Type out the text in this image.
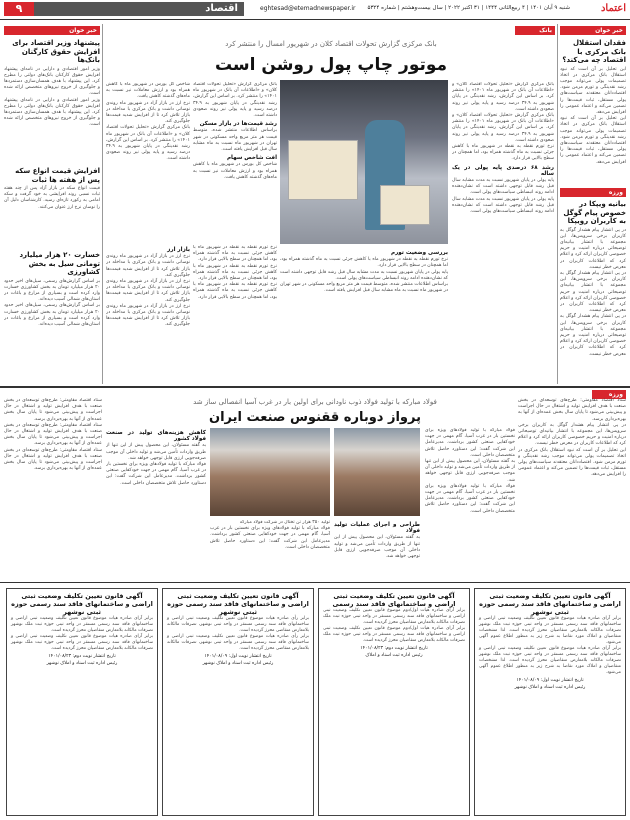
۹	اقتصاد	eghtesad@etemadnewspaper.ir	شنبه ۹ آبان ۱۴۰۱ | ۴ ربیع‌الثانی ۱۴۴۴ | ۳۱ اکتبر ۲۰۲۲ | سال بیست‌وهشتم | شماره ۵۳۲۴	اعتماد
خبر خوان
فقدان استقلال بانک مرکزی با اقتصاد چه می‌کند؟

این تحلیل بر آن است که نبود استقلال بانک مرکزی در اتخاذ تصمیمات پولی می‌تواند موجب رشد نقدینگی و تورم مزمن شود. اقتصاددانان معتقدند سیاست‌های پولی مستقل، ثبات قیمت‌ها را تضمین می‌کند و اعتماد عمومی را افزایش می‌دهد.

این تحلیل بر آن است که نبود استقلال بانک مرکزی در اتخاذ تصمیمات پولی می‌تواند موجب رشد نقدینگی و تورم مزمن شود. اقتصاددانان معتقدند سیاست‌های پولی مستقل، ثبات قیمت‌ها را تضمین می‌کند و اعتماد عمومی را افزایش می‌دهد.

ورزه
بیانیه ویپکا در خصوص پیام گوگل به کاربران رویپکا

در پی انتشار پیام هشدار گوگل به کاربران برخی سرویس‌ها، این مجموعه با انتشار بیانیه‌ای توضیحاتی درباره امنیت و حریم خصوصی کاربران ارائه کرد و اعلام کرد که اطلاعات کاربران در معرض خطر نیست.

در پی انتشار پیام هشدار گوگل به کاربران برخی سرویس‌ها، این مجموعه با انتشار بیانیه‌ای توضیحاتی درباره امنیت و حریم خصوصی کاربران ارائه کرد و اعلام کرد که اطلاعات کاربران در معرض خطر نیست.

در پی انتشار پیام هشدار گوگل به کاربران برخی سرویس‌ها، این مجموعه با انتشار بیانیه‌ای توضیحاتی درباره امنیت و حریم خصوصی کاربران ارائه کرد و اعلام کرد که اطلاعات کاربران در معرض خطر نیست.

خبر خوان
پیشنهاد وزیر اقتصاد برای افزایش حقوق کارگنان بانک‌ها

وزیر امور اقتصادی و دارایی در نامه‌ای پیشنهاد افزایش حقوق کارکنان بانک‌های دولتی را مطرح کرد. این پیشنهاد با هدف همسان‌سازی دستمزدها و جلوگیری از خروج نیروهای متخصص ارائه شده است.

وزیر امور اقتصادی و دارایی در نامه‌ای پیشنهاد افزایش حقوق کارکنان بانک‌های دولتی را مطرح کرد. این پیشنهاد با هدف همسان‌سازی دستمزدها و جلوگیری از خروج نیروهای متخصص ارائه شده است.

افزایش قیمت انواع سکه پس از هفته ها ثبات

قیمت انواع سکه در بازار آزاد پس از چند هفته ثبات نسبی روند افزایشی به خود گرفت و سکه امامی به رکورد تازه‌ای رسید. کارشناسان دلیل آن را نوسان نرخ ارز عنوان می‌کنند.

خسارت ۲۰ هزار میلیارد تومانی سیل به بخش کشاورزی

بر اساس گزارش‌های رسمی، سیل‌های اخیر حدود ۲۰ هزار میلیارد تومان به بخش کشاورزی خسارت وارد کرده است و بسیاری از مزارع و باغات در استان‌های شمالی آسیب دیده‌اند.

بر اساس گزارش‌های رسمی، سیل‌های اخیر حدود ۲۰ هزار میلیارد تومان به بخش کشاورزی خسارت وارد کرده است و بسیاری از مزارع و باغات در استان‌های شمالی آسیب دیده‌اند.

بانک
بانک مرکزی گزارش تحولات اقتصاد کلان در شهریور امسال را منتشر کرد
موتور چاپ پول روشن است

بانک مرکزی گزارش «تحلیل تحولات اقتصاد کلان» و «اطلاعات آن بانک در شهریور ماه ۱۴۰۱» را منتشر کرد. بر اساس این گزارش، رشد نقدینگی در پایان شهریور به ۳۴.۹ درصد رسید و پایه پولی نیز روند صعودی داشته است.

بانک مرکزی گزارش «تحلیل تحولات اقتصاد کلان» و «اطلاعات آن بانک در شهریور ماه ۱۴۰۱» را منتشر کرد. بر اساس این گزارش، رشد نقدینگی در پایان شهریور به ۳۴.۹ درصد رسید و پایه پولی نیز روند صعودی داشته است.

نرخ تورم نقطه به نقطه در شهریور ماه با کاهش جزئی نسبت به ماه گذشته همراه بود، اما همچنان در سطح بالایی قرار دارد.

رشد ۶۸ درصدی پایه پولی در یک ساله

پایه پولی در پایان شهریور نسبت به مدت مشابه سال قبل رشد قابل توجهی داشته است که نشان‌دهنده ادامه روند انبساطی سیاست‌های پولی است.

پایه پولی در پایان شهریور نسبت به مدت مشابه سال قبل رشد قابل توجهی داشته است که نشان‌دهنده ادامه روند انبساطی سیاست‌های پولی است.

بانک مرکزی گزارش «تحلیل تحولات اقتصاد کلان» و «اطلاعات آن بانک در شهریور ماه ۱۴۰۱» را منتشر کرد. بر اساس این گزارش، رشد نقدینگی در پایان شهریور به ۳۴.۹ درصد رسید و پایه پولی نیز روند صعودی داشته است.

رشد قیمت‌ها در بازار مسکن

براساس اطلاعات منتشر شده، متوسط قیمت هر متر مربع واحد مسکونی در شهر تهران در شهریور ماه نسبت به ماه مشابه سال قبل افزایش یافته است.

افت شاخص سهام

شاخص کل بورس در شهریور ماه با کاهش همراه بود و ارزش معاملات نیز نسبت به ماه‌های گذشته کاهش یافت.

بازار ارز

نرخ ارز در بازار آزاد در شهریور ماه روندی نوسانی داشت و بانک مرکزی با مداخله در بازار تلاش کرد تا از افزایش شدید قیمت‌ها جلوگیری کند.

نرخ ارز در بازار آزاد در شهریور ماه روندی نوسانی داشت و بانک مرکزی با مداخله در بازار تلاش کرد تا از افزایش شدید قیمت‌ها جلوگیری کند.

نرخ ارز در بازار آزاد در شهریور ماه روندی نوسانی داشت و بانک مرکزی با مداخله در بازار تلاش کرد تا از افزایش شدید قیمت‌ها جلوگیری کند.

نرخ تورم نقطه به نقطه در شهریور ماه با کاهش جزئی نسبت به ماه گذشته همراه بود، اما همچنان در سطح بالایی قرار دارد.

نرخ تورم نقطه به نقطه در شهریور ماه با کاهش جزئی نسبت به ماه گذشته همراه بود، اما همچنان در سطح بالایی قرار دارد.

نرخ تورم نقطه به نقطه در شهریور ماه با کاهش جزئی نسبت به ماه گذشته همراه بود، اما همچنان در سطح بالایی قرار دارد.

بررسی وضعیت تورم

نرخ تورم نقطه به نقطه در شهریور ماه با کاهش جزئی نسبت به ماه گذشته همراه بود، اما همچنان در سطح بالایی قرار دارد.

پایه پولی در پایان شهریور نسبت به مدت مشابه سال قبل رشد قابل توجهی داشته است که نشان‌دهنده ادامه روند انبساطی سیاست‌های پولی است.

براساس اطلاعات منتشر شده، متوسط قیمت هر متر مربع واحد مسکونی در شهر تهران در شهریور ماه نسبت به ماه مشابه سال قبل افزایش یافته است.

شاخص کل بورس در شهریور ماه با کاهش همراه بود و ارزش معاملات نیز نسبت به ماه‌های گذشته کاهش یافت.

نرخ ارز در بازار آزاد در شهریور ماه روندی نوسانی داشت و بانک مرکزی با مداخله در بازار تلاش کرد تا از افزایش شدید قیمت‌ها جلوگیری کند.

بانک مرکزی گزارش «تحلیل تحولات اقتصاد کلان» و «اطلاعات آن بانک در شهریور ماه ۱۴۰۱» را منتشر کرد. بر اساس این گزارش، رشد نقدینگی در پایان شهریور به ۳۴.۹ درصد رسید و پایه پولی نیز روند صعودی داشته است.

ورزه
فولاد مبارکه با تولید فولاد ذوب ناودانی برای اولین بار در غرب آسیا انفصالی ساز شد
پرواز دوباره ققنوس صنعت ایران

فولاد مبارکه با تولید فولادهای ویژه برای نخستین بار در غرب آسیا، گام مهمی در جهت خودکفایی صنعتی کشور برداشت. مدیرعامل این شرکت گفت: این دستاورد حاصل تلاش متخصصان داخلی است.

به گفته مسئولان، این محصول پیش از این تنها از طریق واردات تأمین می‌شد و تولید داخلی آن موجب صرفه‌جویی ارزی قابل توجهی خواهد شد.

فولاد مبارکه با تولید فولادهای ویژه برای نخستین بار در غرب آسیا، گام مهمی در جهت خودکفایی صنعتی کشور برداشت. مدیرعامل این شرکت گفت: این دستاورد حاصل تلاش متخصصان داخلی است.

طراحی و اجرای عملیات تولید فولاد

به گفته مسئولان، این محصول پیش از این تنها از طریق واردات تأمین می‌شد و تولید داخلی آن موجب صرفه‌جویی ارزی قابل توجهی خواهد شد.

تولید ۳۵۰ هزار تن تختال در شرکت فولاد مبارکه

فولاد مبارکه با تولید فولادهای ویژه برای نخستین بار در غرب آسیا، گام مهمی در جهت خودکفایی صنعتی کشور برداشت. مدیرعامل این شرکت گفت: این دستاورد حاصل تلاش متخصصان داخلی است.

کاهش هزینه‌های تولید در صنعت فولاد کشور

به گفته مسئولان، این محصول پیش از این تنها از طریق واردات تأمین می‌شد و تولید داخلی آن موجب صرفه‌جویی ارزی قابل توجهی خواهد شد.

فولاد مبارکه با تولید فولادهای ویژه برای نخستین بار در غرب آسیا، گام مهمی در جهت خودکفایی صنعتی کشور برداشت. مدیرعامل این شرکت گفت: این دستاورد حاصل تلاش متخصصان داخلی است.

ستاد اقتصاد مقاومتی: طرح‌های توسعه‌ای در بخش صنعت با هدف افزایش تولید و اشتغال در حال اجراست و پیش‌بینی می‌شود تا پایان سال بخش عمده‌ای از آنها به بهره‌برداری برسد.

ستاد اقتصاد مقاومتی: طرح‌های توسعه‌ای در بخش صنعت با هدف افزایش تولید و اشتغال در حال اجراست و پیش‌بینی می‌شود تا پایان سال بخش عمده‌ای از آنها به بهره‌برداری برسد.

ستاد اقتصاد مقاومتی: طرح‌های توسعه‌ای در بخش صنعت با هدف افزایش تولید و اشتغال در حال اجراست و پیش‌بینی می‌شود تا پایان سال بخش عمده‌ای از آنها به بهره‌برداری برسد.

ستاد اقتصاد مقاومتی: طرح‌های توسعه‌ای در بخش صنعت با هدف افزایش تولید و اشتغال در حال اجراست و پیش‌بینی می‌شود تا پایان سال بخش عمده‌ای از آنها به بهره‌برداری برسد.

در پی انتشار پیام هشدار گوگل به کاربران برخی سرویس‌ها، این مجموعه با انتشار بیانیه‌ای توضیحاتی درباره امنیت و حریم خصوصی کاربران ارائه کرد و اعلام کرد که اطلاعات کاربران در معرض خطر نیست.

این تحلیل بر آن است که نبود استقلال بانک مرکزی در اتخاذ تصمیمات پولی می‌تواند موجب رشد نقدینگی و تورم مزمن شود. اقتصاددانان معتقدند سیاست‌های پولی مستقل، ثبات قیمت‌ها را تضمین می‌کند و اعتماد عمومی را افزایش می‌دهد.

آگهی قانون تعیین تکلیف وضعیت ثبتی اراضی و ساختمانهای فاقد سند رسمی حوزه ثبتی نوشهر

برابر آرای صادره هیات موضوع قانون تعیین تکلیف وضعیت ثبتی اراضی و ساختمانهای فاقد سند رسمی مستقر در واحد ثبتی حوزه ثبت ملک نوشهر تصرفات مالکانه بلامعارض متقاضیان محرز گردیده است. لذا مشخصات متقاضیان و املاک مورد تقاضا به شرح زیر به منظور اطلاع عموم آگهی می‌شود.

برابر آرای صادره هیات موضوع قانون تعیین تکلیف وضعیت ثبتی اراضی و ساختمانهای فاقد سند رسمی مستقر در واحد ثبتی حوزه ثبت ملک نوشهر تصرفات مالکانه بلامعارض متقاضیان محرز گردیده است. لذا مشخصات متقاضیان و املاک مورد تقاضا به شرح زیر به منظور اطلاع عموم آگهی می‌شود.

تاریخ انتشار نوبت اول: ۱۴۰۱/۰۸/۰۹

رئیس اداره ثبت اسناد و املاک نوشهر

آگهی قانون تعیین تکلیف وضعیت ثبتی اراضی و ساختمانهای فاقد سند رسمی

برابر آرای صادره هیات اول/دوم موضوع قانون تعیین تکلیف وضعیت ثبتی اراضی و ساختمانهای فاقد سند رسمی مستقر در واحد ثبتی حوزه ثبت ملک تصرفات مالکانه بلامعارض متقاضیان محرز گردیده است.

برابر آرای صادره هیات اول/دوم موضوع قانون تعیین تکلیف وضعیت ثبتی اراضی و ساختمانهای فاقد سند رسمی مستقر در واحد ثبتی حوزه ثبت ملک تصرفات مالکانه بلامعارض متقاضیان محرز گردیده است.

تاریخ انتشار نوبت دوم: ۱۴۰۱/۰۸/۲۳

رئیس اداره ثبت اسناد و املاک

آگهی قانون تعیین تکلیف وضعیت ثبتی اراضی و ساختمانهای فاقد سند رسمی حوزه ثبتی نوشهر

برابر رأی صادره هیات موضوع قانون تعیین تکلیف وضعیت ثبتی اراضی و ساختمانهای فاقد سند رسمی مستقر در واحد ثبتی نوشهر، تصرفات مالکانه بلامعارض متقاضی محرز گردیده است.

برابر رأی صادره هیات موضوع قانون تعیین تکلیف وضعیت ثبتی اراضی و ساختمانهای فاقد سند رسمی مستقر در واحد ثبتی نوشهر، تصرفات مالکانه بلامعارض متقاضی محرز گردیده است.

تاریخ انتشار نوبت اول: ۱۴۰۱/۰۸/۰۹

رئیس اداره ثبت اسناد و املاک نوشهر

آگهی قانون تعیین تکلیف وضعیت ثبتی اراضی و ساختمانهای فاقد سند رسمی حوزه ثبتی نوشهر

برابر آرای صادره هیات موضوع قانون تعیین تکلیف وضعیت ثبتی اراضی و ساختمانهای فاقد سند رسمی مستقر در واحد ثبتی حوزه ثبت ملک نوشهر تصرفات مالکانه بلامعارض متقاضیان محرز گردیده است.

برابر آرای صادره هیات موضوع قانون تعیین تکلیف وضعیت ثبتی اراضی و ساختمانهای فاقد سند رسمی مستقر در واحد ثبتی حوزه ثبت ملک نوشهر تصرفات مالکانه بلامعارض متقاضیان محرز گردیده است.

تاریخ انتشار نوبت دوم: ۱۴۰۱/۰۸/۲۳

رئیس اداره ثبت اسناد و املاک نوشهر
